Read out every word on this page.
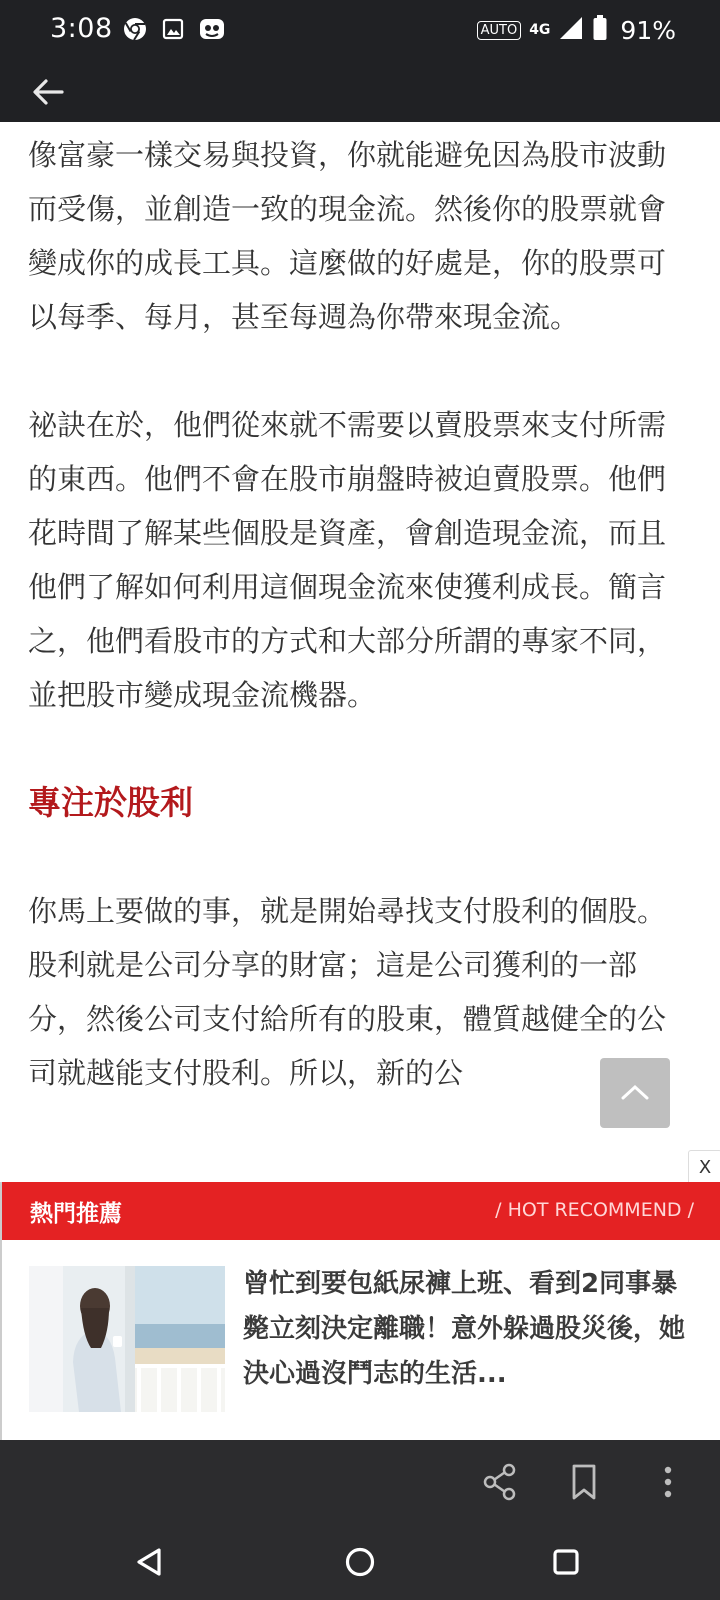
3:08	AUTO 4G	91%

像富豪一樣交易與投資，你就能避免因為股市波動而受傷，並創造一致的現金流。然後你的股票就會變成你的成長工具。這麼做的好處是，你的股票可以每季、每月，甚至每週為你帶來現金流。

祕訣在於，他們從來就不需要以賣股票來支付所需的東西。他們不會在股市崩盤時被迫賣股票。他們花時間了解某些個股是資產，會創造現金流，而且他們了解如何利用這個現金流來使獲利成長。簡言之，他們看股市的方式和大部分所謂的專家不同，並把股市變成現金流機器。

專注於股利

你馬上要做的事，就是開始尋找支付股利的個股。股利就是公司分享的財富；這是公司獲利的一部分，然後公司支付給所有的股東，體質越健全的公司就越能支付股利。所以，新的公

X
熱門推薦	/ HOT RECOMMEND /
曾忙到要包紙尿褲上班、看到2同事暴斃立刻決定離職！意外躲過股災後，她決心過沒鬥志的生活...
